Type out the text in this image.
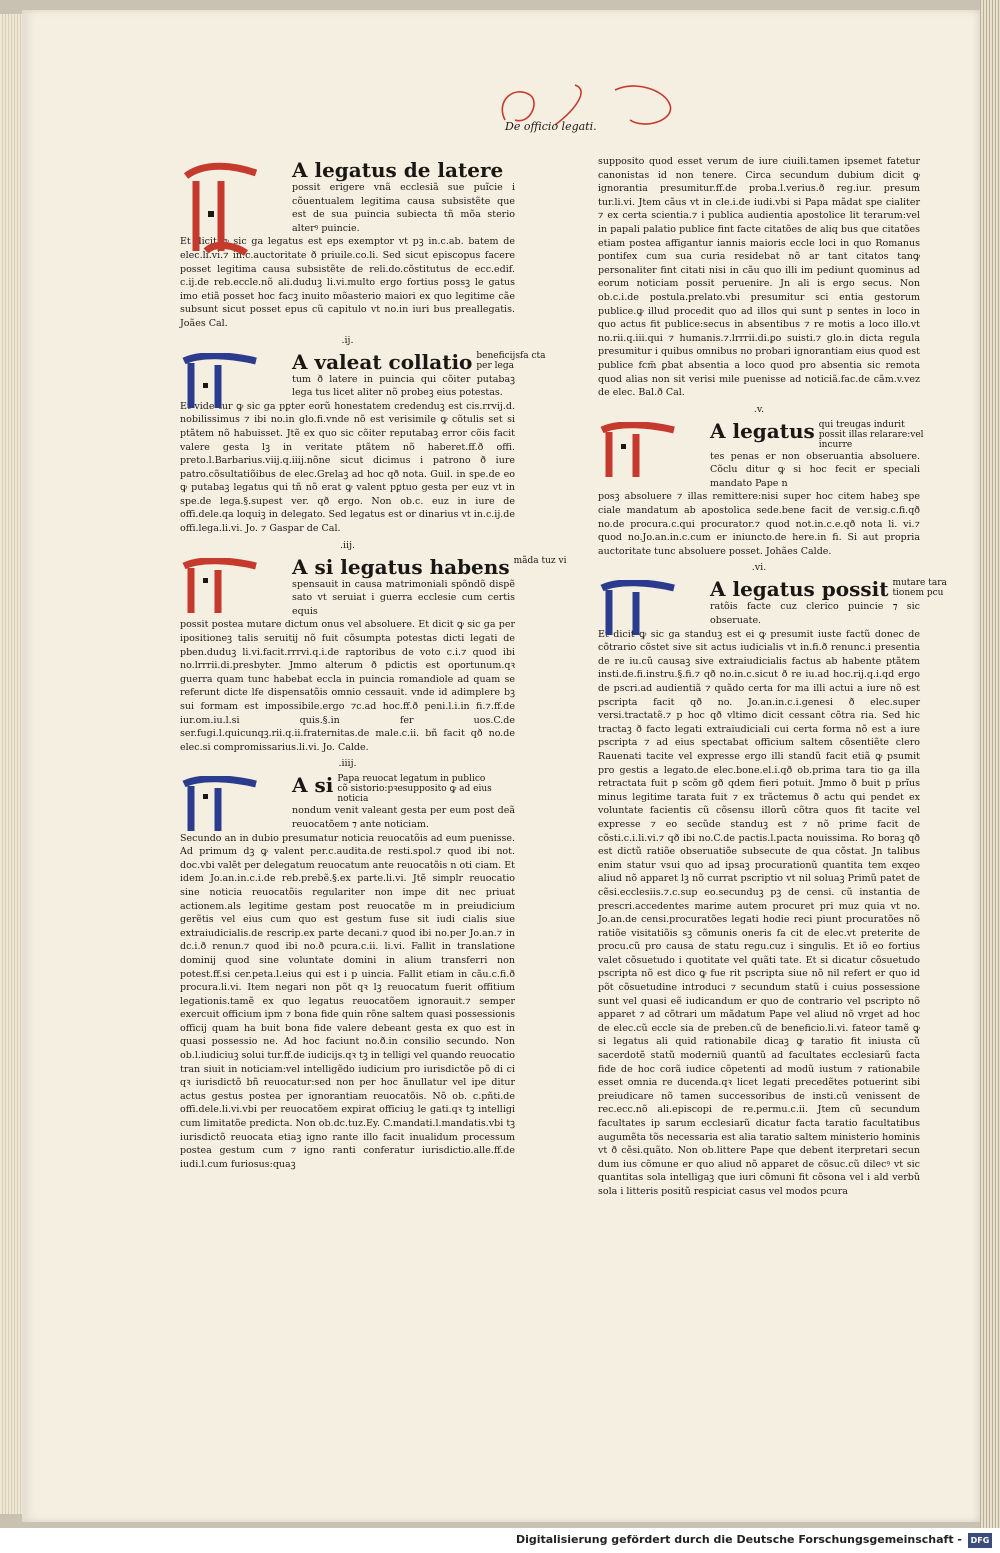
De officio legati.
A legatus de latere
possit erigere vnã ecclesiã sue puĩcie i cõuentualem legitima causa subsistẽte que est de sua puincia subiecta tñ mõa sterio alterꝰ puincie.
Et dicit ꝙ sic ga legatus est eps exemptor vt pꝫ in.c.ab. batem de elec.li.vi.⁊ in.c.auctoritate ð priuile.co.li. Sed sicut episcopus facere posset legitima causa subsistẽte de reli.do.cõstitutus de ecc.edif. c.ij.de reb.eccle.nõ ali.duduꝫ li.vi.multo ergo fortius possꝫ le gatus imo etiã posset hoc facꝫ inuito mõasterio maiori ex quo legitime cãe subsunt sicut posset epus cũ capitulo vt no.in iuri bus preallegatis. Joães Cal.
.ij.
A valeat collatio beneficijsfa cta per lega
tum ð latere in puincia qui cõiter putabaꝫ lega tus licet aliter nõ probeꝫ eius potestas.
Et vide tur ꝙ sic ga pꝑter eorũ honestatem credenduꝫ est cis.rrvij.d. nobilissimus ⁊ ibi no.in glo.fi.vnde nõ est verisimile ꝙ cõtulis set si ptãtem nõ habuisset. Jtẽ ex quo sic cõiter reputabaꝫ error cõis facit valere gesta lꝫ in veritate ptãtem nõ haberet.ff.ð offi. preto.l.Barbarius.viij.q.iiij.nõne sicut dicimus i patrono ð iure patro.cõsultatiõibus de elec.Grelaꝫ ad hoc qð nota. Guil. in spe.de eo ꝙ putabaꝫ legatus qui tñ nõ erat ꝙ valent pꝑtuo gesta per euz vt in spe.de lega.§.supest ver. qð ergo. Non ob.c. euz in iure de offi.dele.qa loquiꝫ in delegato. Sed legatus est or dinarius vt in.c.ij.de offi.lega.li.vi. Jo. ⁊ Gaspar de Cal.
.iij.
A si legatus habens mãda tuz vi
spensauit in causa matrimoniali spõndõ dispẽ sato vt seruiat i guerra ecclesie cum certis equis
possit postea mutare dictum onus vel absoluere. Et dicit ꝙ sic ga per ipositioneꝫ talis seruitij nõ fuit cõsumpta potestas dicti legati de pben.duduꝫ li.vi.facit.rrrvi.q.i.de raptoribus de voto c.i.⁊ quod ibi no.lrrrii.di.presbyter. Jmmo alterum ð pdictis est oportunum.qꝛ guerra quam tunc habebat eccla in puincia romandiole ad quam se referunt dicte lfe dispensatõis omnio cessauit. vnde id adimplere bꝫ sui formam est impossibile.ergo ⁊c.ad hoc.ff.ð peni.l.i.in fi.⁊.ff.de iur.om.iu.l.si quis.§.in fer uos.C.de ser.fugi.l.quicunqꝫ.rii.q.ii.fraternitas.de male.c.ii. bñ facit qð no.de elec.si compromissarius.li.vi. Jo. Calde.
.iiij.
A si Papa reuocat legatum in publico cõ sistorio:pꝛesupposito ꝙ ad eius noticia
nondum venit valeant gesta per eum post deã reuocatõem ⁊ ante noticiam.
Secundo an in dubio presumatur noticia reuocatõis ad eum puenisse. Ad primum dꝫ ꝙ valent per.c.audita.de resti.spol.⁊ quod ibi not. doc.vbi valẽt per delegatum reuocatum ante reuocatõis n oti ciam. Et idem Jo.an.in.c.i.de reb.prebẽ.§.ex parte.li.vi. Jtẽ simplr reuocatio sine noticia reuocatõis regulariter non impe dit nec priuat actionem.als legitime gestam post reuocatõe m in preiudicium gerẽtis vel eius cum quo est gestum fuse sit iudi cialis siue extraiudicialis.de rescrip.ex parte decani.⁊ quod ibi no.per Jo.an.⁊ in dc.i.ð renun.⁊ quod ibi no.ð pcura.c.ii. li.vi. Fallit in translatione dominij quod sine voluntate domini in alium transferri non potest.ff.si cer.peta.l.eius qui est i p uincia. Fallit etiam in cãu.c.fi.ð procura.li.vi. Item negari non põt qꝛ lꝫ reuocatum fuerit offitium legationis.tamẽ ex quo legatus reuocatõem ignorauit.⁊ semper exercuit officium ipm ⁊ bona fide quin rõne saltem quasi possessionis officij quam ha buit bona fide valere debeant gesta ex quo est in quasi possessio ne. Ad hoc faciunt no.ð.in consilio secundo. Non ob.l.iudiciuꝫ solui tur.ff.de iudicijs.qꝛ tꝫ in telligi vel quando reuocatio tran siuit in noticiam:vel intelligẽdo iudicium pro iurisdictõe põ di ci qꝛ iurisdictõ bñ reuocatur:sed non per hoc ãnullatur vel ipe ditur actus gestus postea per ignorantiam reuocatõis. Nõ ob. c.pñti.de offi.dele.li.vi.vbi per reuocatõem expirat officiuꝫ le gati.qꝛ tꝫ intelligi cum limitatõe predicta. Non ob.dc.tuz.Ey. C.mandati.l.mandatis.vbi tꝫ iurisdictõ reuocata etiaꝫ igno rante illo facit inualidum processum postea gestum cum ⁊ igno ranti conferatur iurisdictio.alle.ff.de iudi.l.cum furiosus:quaꝫ
supposito quod esset verum de iure ciuili.tamen ipsemet fatetur canonistas id non tenere. Circa secundum dubium dicit ꝙ ignorantia presumitur.ff.de proba.l.verius.ð reg.iur. presum tur.li.vi. Jtem cãus vt in cle.i.de iudi.vbi si Papa mãdat spe cialiter ⁊ ex certa scientia.⁊ i publica audientia apostolice lit terarum:vel in papali palatio publice fint facte citatões de aliq bus que citatões etiam postea affigantur iannis maioris eccle loci in quo Romanus pontifex cum sua curia residebat nõ ar tant citatos tanꝙ personaliter fint citati nisi in cãu quo illi im pediunt quominus ad eorum noticiam possit peruenire. Jn ali is ergo secus. Non ob.c.i.de postula.prelato.vbi presumitur sci entia gestorum publice.ꝙ illud procedit quo ad illos qui sunt p sentes in loco in quo actus fit publice:secus in absentibus ⁊ re motis a loco illo.vt no.rii.q.iii.qui ⁊ humanis.⁊.lrrrii.di.ꝑo suisti.⁊ glo.in dicta regula presumitur i quibus omnibus no probari ignorantiam eius quod est publice fcm̃ ꝑbat absentia a loco quod pro absentia sic remota quod alias non sit verisi mile puenisse ad noticiã.fac.de cãm.v.vez de elec. Bal.ð Cal.
.v.
A legatus qui treugas indurit possit illas relarare:vel incurre
tes penas er non obseruantia absoluere. Cõclu ditur ꝙ si hoc fecit er speciali mandato Pape n
posꝫ absoluere ⁊ illas remittere:nisi super hoc citem habeꝫ spe ciale mandatum ab apostolica sede.bene facit de ver.sig.c.fi.qð no.de procura.c.qui procurator.⁊ quod not.in.c.e.qð nota li. vi.⁊ quod no.Jo.an.in.c.cum er iniuncto.de here.in fi. Si aut propria auctoritate tunc absoluere posset. Johães Calde.
.vi.
A legatus possit mutare tara tionem pcu
ratõis facte cuz clerico puincie ⁊ sic obseruate.
Et dicit ꝙ sic ga standuꝫ est ei ꝙ presumit iuste factũ donec de cõtrario cõstet sive sit actus iudicialis vt in.fi.ð renunc.i presentia de re iu.cũ causaꝫ sive extraiudicialis factus ab habente ptãtem insti.de.fi.instru.§.fi.⁊ qð no.in.c.sicut ð re iu.ad hoc.rij.q.i.qd ergo de pscri.ad audientiã ⁊ quãdo certa for ma illi actui a iure nõ est pscripta facit qð no. Jo.an.in.c.i.genesi ð elec.super versi.tractatẽ.⁊ p hoc qð vltimo dicit cessant cõtra ria. Sed hic tractaꝫ ð facto legati extraiudiciali cui certa forma nõ est a iure pscripta ⁊ ad eius spectabat officium saltem cõsentiẽte clero Rauenati tacite vel expresse ergo illi standũ facit etiã ꝙ psumit pro gestis a legato.de elec.bone.el.i.qð ob.prima tara tio ga illa retractata fuit p scõm gð qdem fieri potuit. Jmmo ð buit p prĩus minus legitime tarata fuit ⁊ ex trãctemus ð actu qui pendet ex voluntate facientis cũ cõsensu illorũ cõtra quos fit tacite vel expresse ⁊ eo secũde standuꝫ est ⁊ nõ prime facit de cõsti.c.i.li.vi.⁊ qð ibi no.C.de pactis.l.pacta nouissima. Ro boraꝫ qð est dictũ ratiõe obseruatiõe subsecute de qua cõstat. Jn talibus enim statur vsui quo ad ipsaꝫ procurationũ quantita tem exqeo aliud nõ apparet lꝫ nõ currat pscriptio vt nil soluaꝫ Primũ patet de cẽsi.ecclesiis.⁊.c.sup eo.secunduꝫ pꝫ de censi. cũ instantia de prescri.accedentes marime autem procuret pri muz quia vt no. Jo.an.de censi.procuratões legati hodie reci piunt procuratões nõ ratiõe visitatiõis sꝫ cõmunis oneris fa cit de elec.vt preterite de procu.cũ pro causa de statu regu.cuz i singulis. Et iõ eo fortius valet cõsuetudo i quotitate vel quãti tate. Et si dicatur cõsuetudo pscripta nõ est dico ꝙ fue rit pscripta siue nõ nil refert er quo id põt cõsuetudine introduci ⁊ secundum statũ i cuius possessione sunt vel quasi eẽ iudicandum er quo de contrario vel pscripto nõ apparet ⁊ ad cõtrari um mãdatum Pape vel aliud nõ vrget ad hoc de elec.cũ eccle sia de preben.cũ de beneficio.li.vi. fateor tamẽ ꝙ si legatus ali quid rationabile dicaꝫ ꝙ taratio fit iniusta cũ sacerdotẽ statũ moderniũ quantũ ad facultates ecclesiarũ facta fide de hoc corã iudice cõpetenti ad modũ iustum ⁊ rationabile esset omnia re ducenda.qꝛ licet legati precedẽtes potuerint sibi preiudicare nõ tamen successoribus de insti.cũ venissent de rec.ecc.nõ ali.episcopi de re.permu.c.ii. Jtem cũ secundum facultates ip sarum ecclesiarũ dicatur facta taratio facultatibus augumẽta tõs necessaria est alia taratio saltem ministerio hominis vt ð cẽsi.quãto. Non ob.littere Pape que debent iterpretari secun dum ius cõmune er quo aliud nõ apparet de cõsuc.cũ dilecꝰ vt sic quantitas sola intelligaꝫ que iuri cõmuni fit cõsona vel i ald verbũ sola i litteris positũ respiciat casus vel modos pcura
Digitalisierung gefördert durch die Deutsche Forschungsgemeinschaft -	DFG
